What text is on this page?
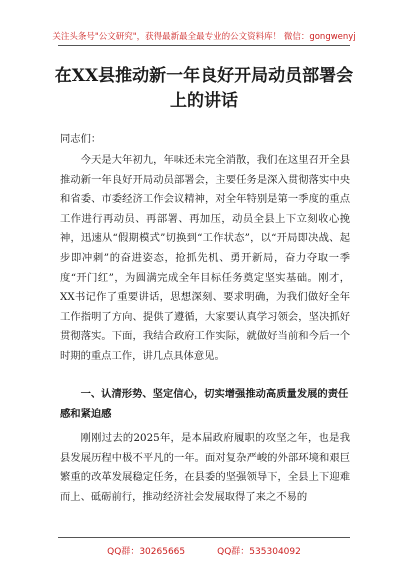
关注头条号"公文研究"，获得最新最全最专业的公文资料库！ 微信：gongwenyj
在XX县推动新一年良好开局动员部署会上的讲话
同志们：
今天是大年初九，年味还未完全消散，我们在这里召开全县推动新一年良好开局动员部署会，主要任务是深入贯彻落实中央和省委、市委经济工作会议精神，对全年特别是第一季度的重点工作进行再动员、再部署、再加压，动员全县上下立刻收心挽神，迅速从“假期模式”切换到“工作状态”，以“开局即决战、起步即冲刺”的奋进姿态，抢抓先机、勇开新局，奋力夺取一季度“开门红”，为圆满完成全年目标任务奠定坚实基础。刚才，XX书记作了重要讲话，思想深刻、要求明确，为我们做好全年工作指明了方向、提供了遵循，大家要认真学习领会，坚决抓好贯彻落实。下面，我结合政府工作实际，就做好当前和今后一个时期的重点工作，讲几点具体意见。
一、认清形势、坚定信心，切实增强推动高质量发展的责任感和紧迫感
刚刚过去的2025年，是本届政府履职的攻坚之年，也是我县发展历程中极不平凡的一年。面对复杂严峻的外部环境和艰巨繁重的改革发展稳定任务，在县委的坚强领导下，全县上下迎难而上、砥砺前行，推动经济社会发展取得了来之不易的
QQ群：30265665	QQ群：535304092
